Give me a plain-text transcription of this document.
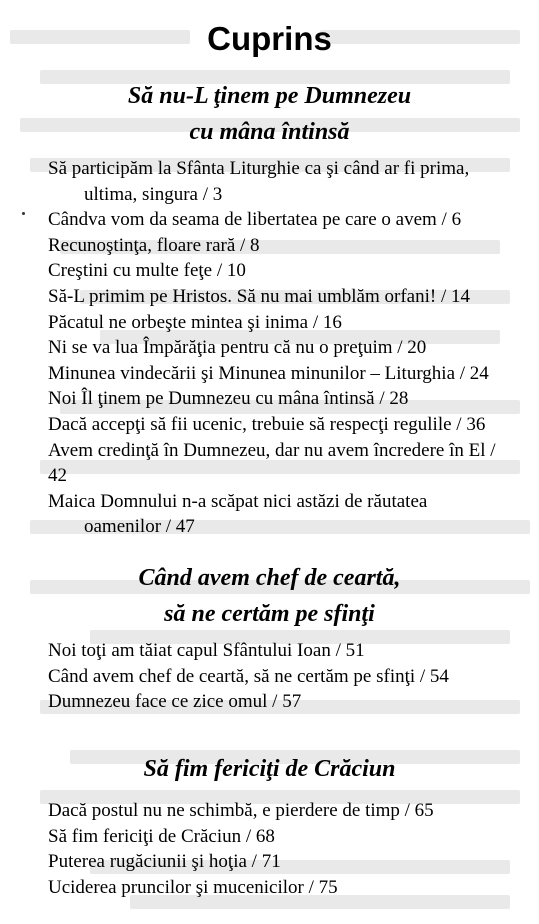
Cuprins
Să nu-L ţinem pe Dumnezeu
cu mâna întinsă
Să participăm la Sfânta Liturghie ca şi când ar fi prima,
ultima, singura / 3
Cândva vom da seama de libertatea pe care o avem / 6
Recunoştinţa, floare rară / 8
Creştini cu multe feţe / 10
Să-L primim pe Hristos. Să nu mai umblăm orfani! / 14
Păcatul ne orbeşte mintea şi inima / 16
Ni se va lua Împărăţia pentru că nu o preţuim / 20
Minunea vindecării şi Minunea minunilor – Liturghia / 24
Noi Îl ţinem pe Dumnezeu cu mâna întinsă / 28
Dacă accepţi să fii ucenic, trebuie să respecţi regulile / 36
Avem credinţă în Dumnezeu, dar nu avem încredere în El / 42
Maica Domnului n-a scăpat nici astăzi de răutatea
oamenilor / 47
Când avem chef de ceartă,
să ne certăm pe sfinţi
Noi toţi am tăiat capul Sfântului Ioan / 51
Când avem chef de ceartă, să ne certăm pe sfinţi / 54
Dumnezeu face ce zice omul / 57
Să fim fericiţi de Crăciun
Dacă postul nu ne schimbă, e pierdere de timp / 65
Să fim fericiţi de Crăciun / 68
Puterea rugăciunii şi hoţia / 71
Uciderea pruncilor şi mucenicilor / 75
